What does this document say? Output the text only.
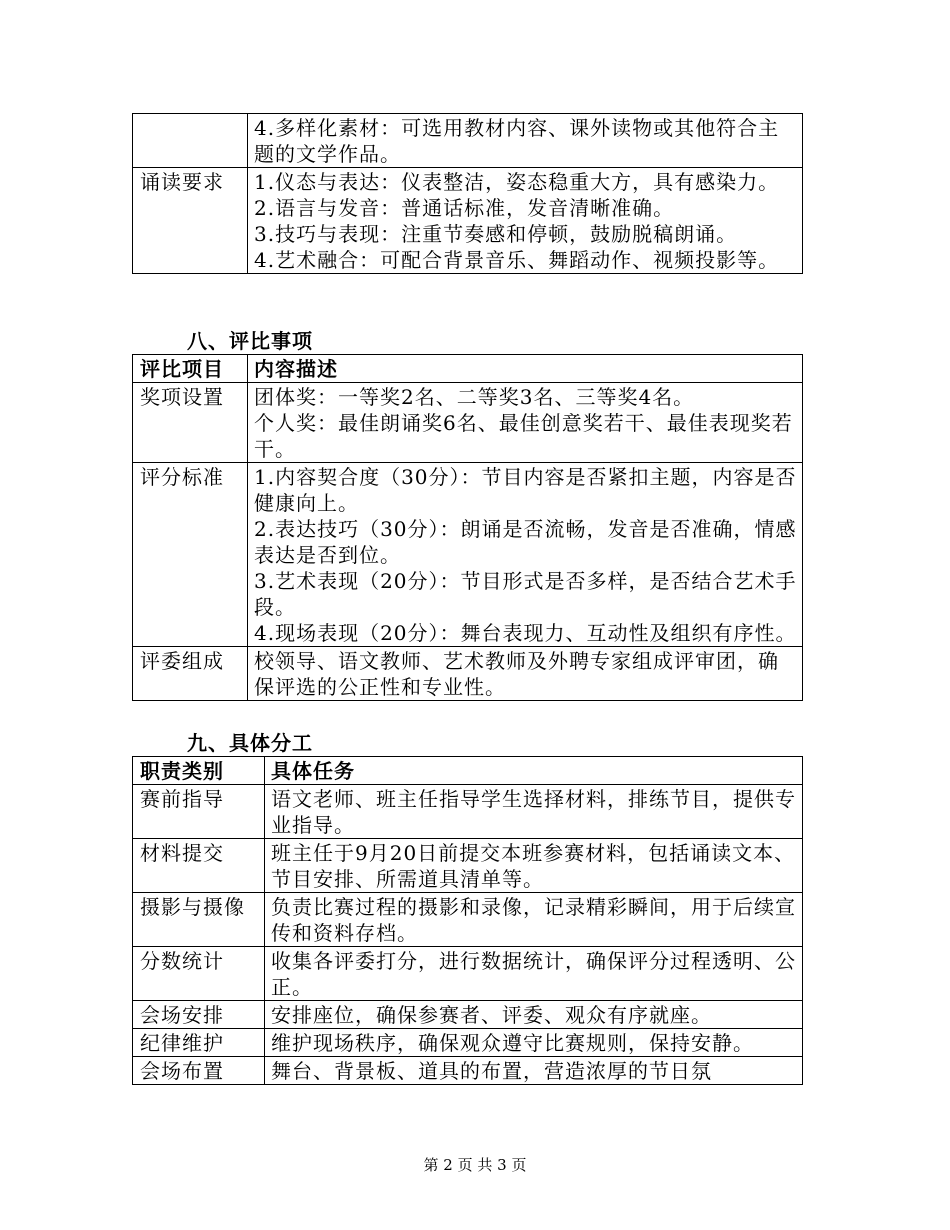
	4.多样化素材：可选用教材内容、课外读物或其他符合主题的文学作品。

诵读要求	1.仪态与表达：仪表整洁，姿态稳重大方，具有感染力。
2.语言与发音：普通话标准，发音清晰准确。
3.技巧与表现：注重节奏感和停顿，鼓励脱稿朗诵。
4.艺术融合：可配合背景音乐、舞蹈动作、视频投影等。
八、评比事项
评比项目	内容描述
奖项设置	团体奖：一等奖2名、二等奖3名、三等奖4名。
个人奖：最佳朗诵奖6名、最佳创意奖若干、最佳表现奖若干。

评分标准	1.内容契合度（30分）：节目内容是否紧扣主题，内容是否健康向上。
2.表达技巧（30分）：朗诵是否流畅，发音是否准确，情感表达是否到位。
3.艺术表现（20分）：节目形式是否多样，是否结合艺术手段。
4.现场表现（20分）：舞台表现力、互动性及组织有序性。

评委组成	校领导、语文教师、艺术教师及外聘专家组成评审团，确保评选的公正性和专业性。
九、具体分工
职责类别	具体任务
赛前指导	语文老师、班主任指导学生选择材料，排练节目，提供专业指导。
材料提交	班主任于9月20日前提交本班参赛材料，包括诵读文本、节目安排、所需道具清单等。
摄影与摄像	负责比赛过程的摄影和录像，记录精彩瞬间，用于后续宣传和资料存档。
分数统计	收集各评委打分，进行数据统计，确保评分过程透明、公正。
会场安排	安排座位，确保参赛者、评委、观众有序就座。
纪律维护	维护现场秩序，确保观众遵守比赛规则，保持安静。
会场布置	舞台、背景板、道具的布置，营造浓厚的节日氛
第 2 页 共 3 页
